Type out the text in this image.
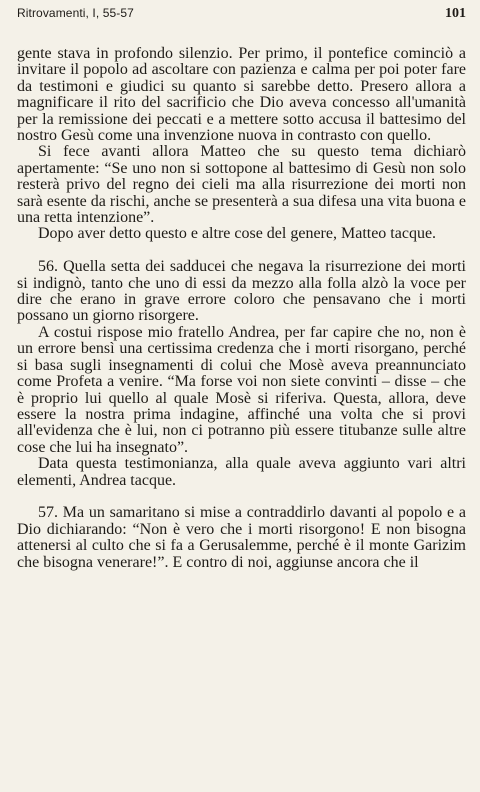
Ritrovamenti, I, 55-57	101

gente stava in profondo silenzio. Per primo, il pontefice cominciò a invitare il popolo ad ascoltare con pazienza e calma per poi poter fare da testimoni e giudici su quanto si sarebbe detto. Presero allora a magnificare il rito del sacrificio che Dio aveva concesso all'umanità per la remissione dei peccati e a mettere sotto accusa il battesimo del nostro Gesù come una invenzione nuova in contrasto con quello.

Si fece avanti allora Matteo che su questo tema dichiarò apertamente: “Se uno non si sottopone al battesimo di Gesù non solo resterà privo del regno dei cieli ma alla risurrezione dei morti non sarà esente da rischi, anche se presenterà a sua difesa una vita buona e una retta intenzione”.

Dopo aver detto questo e altre cose del genere, Matteo tacque.

56. Quella setta dei sadducei che negava la risurrezione dei morti si indignò, tanto che uno di essi da mezzo alla folla alzò la voce per dire che erano in grave errore coloro che pensavano che i morti possano un giorno risorgere.

A costui rispose mio fratello Andrea, per far capire che no, non è un errore bensì una certissima credenza che i morti risorgano, perché si basa sugli insegnamenti di colui che Mosè aveva preannunciato come Profeta a venire. “Ma forse voi non siete convinti – disse – che è proprio lui quello al quale Mosè si riferiva. Questa, allora, deve essere la nostra prima indagine, affinché una volta che si provi all'evidenza che è lui, non ci potranno più essere titubanze sulle altre cose che lui ha insegnato”.

Data questa testimonianza, alla quale aveva aggiunto vari altri elementi, Andrea tacque.

57. Ma un samaritano si mise a contraddirlo davanti al popolo e a Dio dichiarando: “Non è vero che i morti risorgono! E non bisogna attenersi al culto che si fa a Gerusalemme, perché è il monte Garizim che bisogna venerare!”. E contro di noi, aggiunse ancora che il
